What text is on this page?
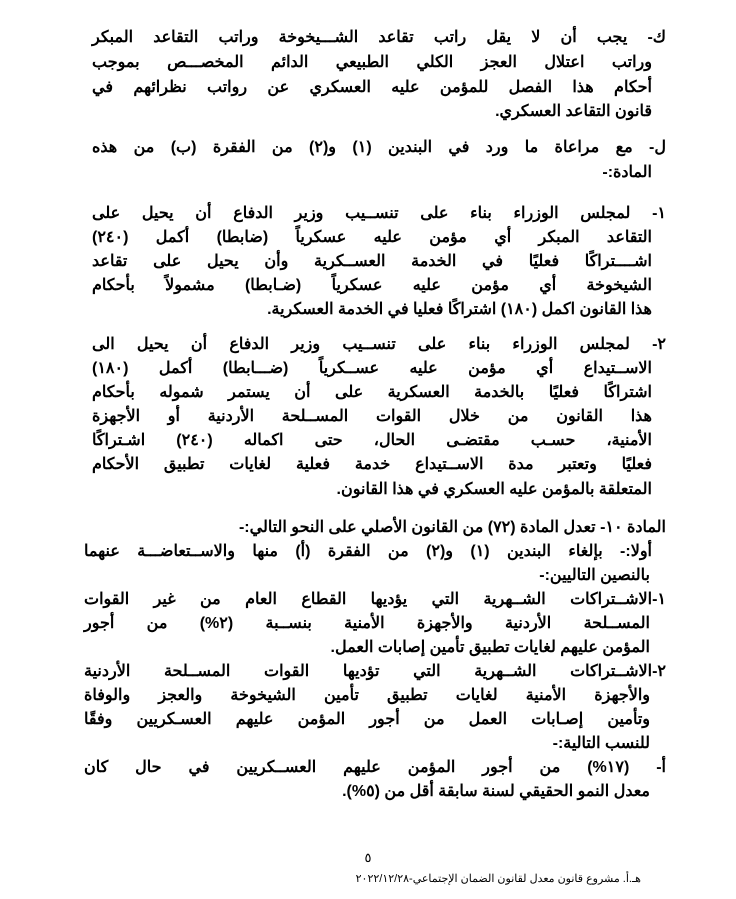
ك- يجب أن لا يقل راتب تقاعد الشـــيخوخة وراتب التقاعد المبكر
وراتب اعتلال العجز الكلي الطبيعي الدائم المخصـــص بموجب
أحكام هذا الفصل للمؤمن عليه العسكري عن رواتب نظرائهم في
قانون التقاعد العسكري.
ل- مع مراعاة ما ورد في البندين (١) و(٢) من الفقرة (ب) من هذه
المادة:-
١- لمجلس الوزراء بناء على تنســيب وزير الدفاع أن يحيل على
التقاعد المبكر أي مؤمن عليه عسكرياً (ضابطا) أكمل (٢٤٠)
اشــــتراكًا فعليًا في الخدمة العســكرية وأن يحيل على تقاعد
الشيخوخة أي مؤمن عليه عسكرياً (ضـابطا) مشمولاً بأحكام
هذا القانون اكمل (١٨٠) اشتراكًا فعليا في الخدمة العسكرية.
٢- لمجلس الوزراء بناء على تنســيب وزير الدفاع أن يحيل الى
الاســتيداع أي مؤمن عليه عســكرياً (ضـــابطا) أكمل (١٨٠)
اشتراكًا فعليًا بالخدمة العسكرية على أن يستمر شموله بأحكام
هذا القانون من خلال القوات المســلحة الأردنية أو الأجهزة
الأمنية، حسـب مقتضـى الحال، حتى اكماله (٢٤٠) اشـتراكًا
فعليًا وتعتبر مدة الاســتيداع خدمة فعلية لغايات تطبيق الأحكام
المتعلقة بالمؤمن عليه العسكري في هذا القانون.
المادة ١٠- تعدل المادة (٧٢) من القانون الأصلي على النحو التالي:-
أولا:- بإلغاء البندين (١) و(٢) من الفقرة (أ) منها والاســتعاضـــة عنهما
بالنصين التاليين:-
١-الاشــتراكات الشــهرية التي يؤديها القطاع العام من غير القوات
المســلحة الأردنية والأجهزة الأمنية بنســبة (٢%) من أجور
المؤمن عليهم لغايات تطبيق تأمين إصابات العمل.
٢-الاشــتراكات الشــهرية التي تؤديها القوات المســلحة الأردنية
والأجهزة الأمنية لغايات تطبيق تأمين الشيخوخة والعجز والوفاة
وتأمين إصـابات العمل من أجور المؤمن عليهم العسـكريين وفقًا
للنسب التالية:-
أ- (١٧%) من أجور المؤمن عليهم العســكريين في حال كان
معدل النمو الحقيقي لسنة سابقة أقل من (٥%).
٥
هـ.أ. مشروع قانون معدل لقانون الضمان الإجتماعي-٢٠٢٢/١٢/٢٨
